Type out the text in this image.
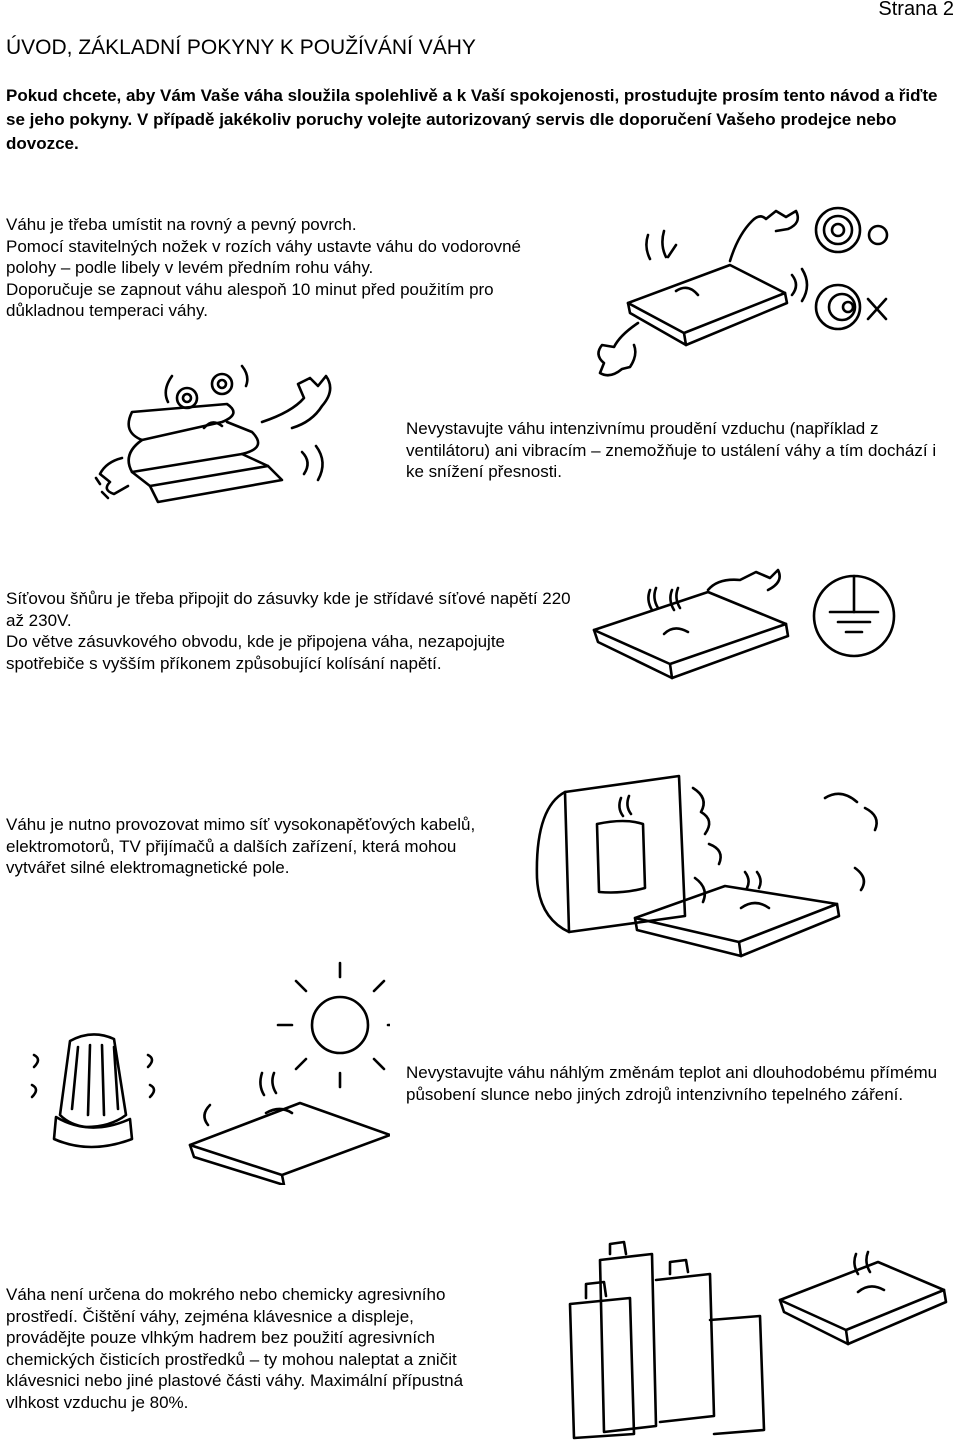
Strana 2
ÚVOD, ZÁKLADNÍ POKYNY K POUŽÍVÁNÍ VÁHY
Pokud chcete, aby Vám Vaše váha sloužila spolehlivě a k Vaší spokojenosti, prostudujte prosím tento návod a řiďte se jeho pokyny. V případě jakékoliv poruchy volejte autorizovaný servis dle doporučení Vašeho prodejce nebo dovozce.

Váhu je třeba umístit na rovný a pevný povrch.

Pomocí stavitelných nožek v rozích váhy ustavte váhu do vodorovné polohy – podle libely v levém předním rohu váhy.

Doporučuje se zapnout váhu alespoň 10 minut před použitím pro důkladnou temperaci váhy.

Nevystavujte váhu intenzivnímu proudění vzduchu (například z ventilátoru) ani vibracím – znemožňuje to ustálení váhy a tím dochází i ke snížení přesnosti.

Síťovou šňůru je třeba připojit do zásuvky kde je střídavé síťové napětí 220 až 230V.

Do větve zásuvkového obvodu, kde je připojena váha, nezapojujte spotřebiče s vyšším příkonem způsobující kolísání napětí.

Váhu je nutno provozovat mimo síť vysokonapěťových kabelů, elektromotorů, TV přijímačů a dalších zařízení, která mohou vytvářet silné elektromagnetické pole.

Nevystavujte váhu náhlým změnám teplot ani dlouhodobému přímému působení slunce nebo jiných zdrojů intenzivního tepelného záření.

Váha není určena do mokrého nebo chemicky agresivního prostředí. Čištění váhy, zejména klávesnice a displeje, provádějte pouze vlhkým hadrem bez použití agresivních chemických čisticích prostředků – ty mohou naleptat a zničit klávesnici nebo jiné plastové části váhy. Maximální přípustná vlhkost vzduchu je 80%.
